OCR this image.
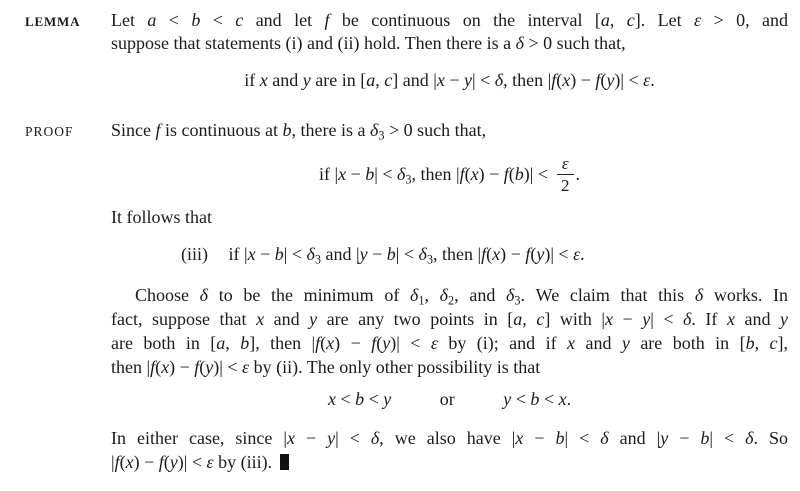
LEMMA	Let a < b < c and let f be continuous on the interval [a, c]. Let ε > 0, and
suppose that statements (i) and (ii) hold. Then there is a δ > 0 such that,
if x and y are in [a, c] and |x − y| < δ, then |f(x) − f(y)| < ε.
PROOF	Since f is continuous at b, there is a $\delta_3 > 0$ such that,
if $|x - b| < \delta_3$, then $|f(x) - f(b)| < \frac{\varepsilon}{2}$ .
It follows that
(iii) if $|x - b| < \delta_3$ and $|y - b| < \delta_3$, then |f(x) − f(y)| < ε.
Choose δ to be the minimum of $\delta_1$, $\delta_2$, and $\delta_3$. We claim that this δ works. In
fact, suppose that x and y are any two points in [a, c] with |x − y| < δ. If x and y
are both in [a, b], then |f(x) − f(y)| < ε by (i); and if x and y are both in [b, c],
then |f(x) − f(y)| < ε by (ii). The only other possibility is that
x < b < y	or	y < b < x.
In either case, since |x − y| < δ, we also have |x − b| < δ and |y − b| < δ. So
|f(x) − f(y)| < ε by (iii).
